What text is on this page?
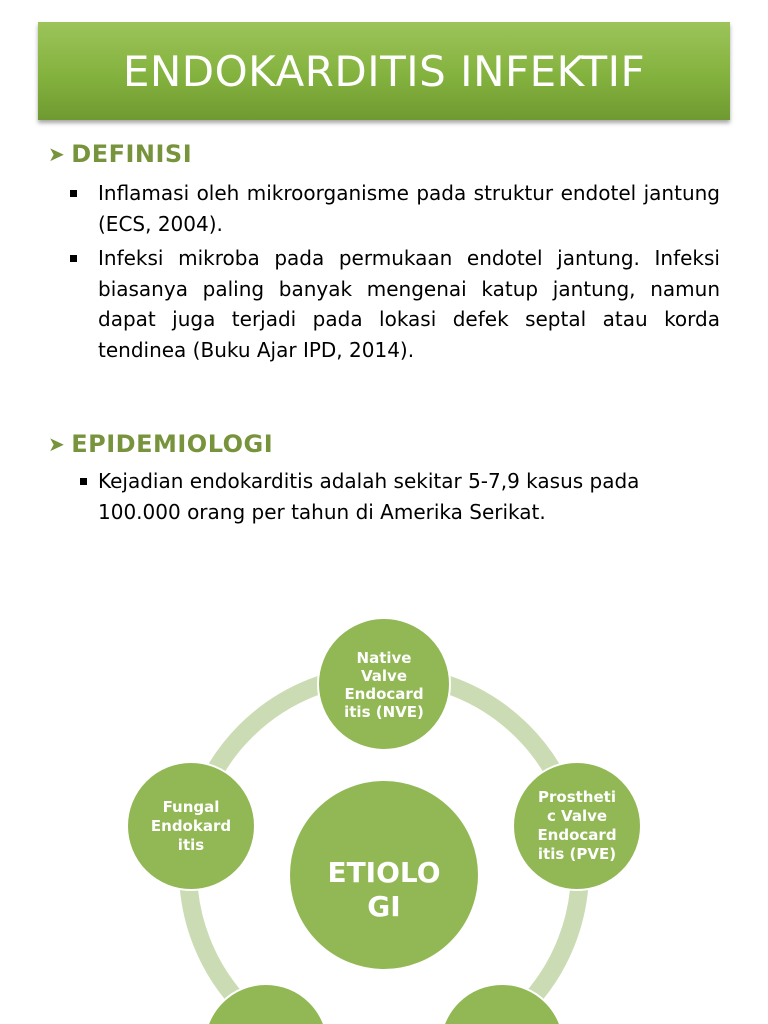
ENDOKARDITIS INFEKTIF
➤ DEFINISI
Inflamasi oleh mikroorganisme pada struktur endotel jantung (ECS, 2004).
Infeksi mikroba pada permukaan endotel jantung. Infeksi biasanya paling banyak mengenai katup jantung, namun dapat juga terjadi pada lokasi defek septal atau korda tendinea (Buku Ajar IPD, 2014).
➤ EPIDEMIOLOGI
Kejadian endokarditis adalah sekitar 5-7,9 kasus pada 100.000 orang per tahun di Amerika Serikat.
ETIOLO
GI
Native
Valve
Endocard
itis (NVE)
Prostheti
c Valve
Endocard
itis (PVE)
Fungal
Endokard
itis
